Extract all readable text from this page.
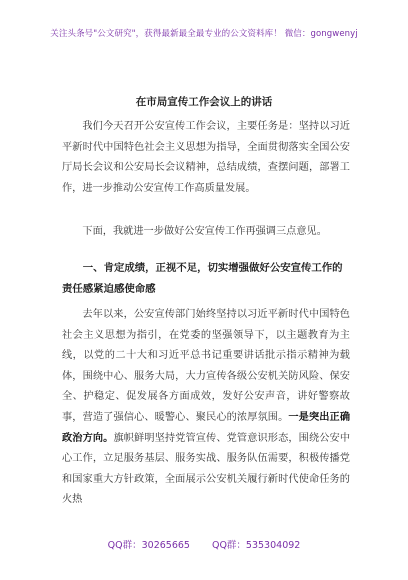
关注头条号"公文研究"，获得最新最全最专业的公文资料库！ 微信：gongwenyj
在市局宣传工作会议上的讲话
我们今天召开公安宣传工作会议，主要任务是：坚持以习近平新时代中国特色社会主义思想为指导，全面贯彻落实全国公安厅局长会议和公安局长会议精神，总结成绩，查摆问题，部署工作，进一步推动公安宣传工作高质量发展。
下面，我就进一步做好公安宣传工作再强调三点意见。
一、肯定成绩，正视不足，切实增强做好公安宣传工作的责任感紧迫感使命感
去年以来，公安宣传部门始终坚持以习近平新时代中国特色社会主义思想为指引，在党委的坚强领导下，以主题教育为主线，以党的二十大和习近平总书记重要讲话批示指示精神为载体，围绕中心、服务大局，大力宣传各级公安机关防风险、保安全、护稳定、促发展各方面成效，发好公安声音，讲好警察故事，营造了强信心、暖警心、聚民心的浓厚氛围。一是突出正确政治方向。旗帜鲜明坚持党管宣传、党管意识形态，围绕公安中心工作，立足服务基层、服务实战、服务队伍需要，积极传播党和国家重大方针政策，全面展示公安机关履行新时代使命任务的火热
QQ群：30265665 QQ群：535304092
